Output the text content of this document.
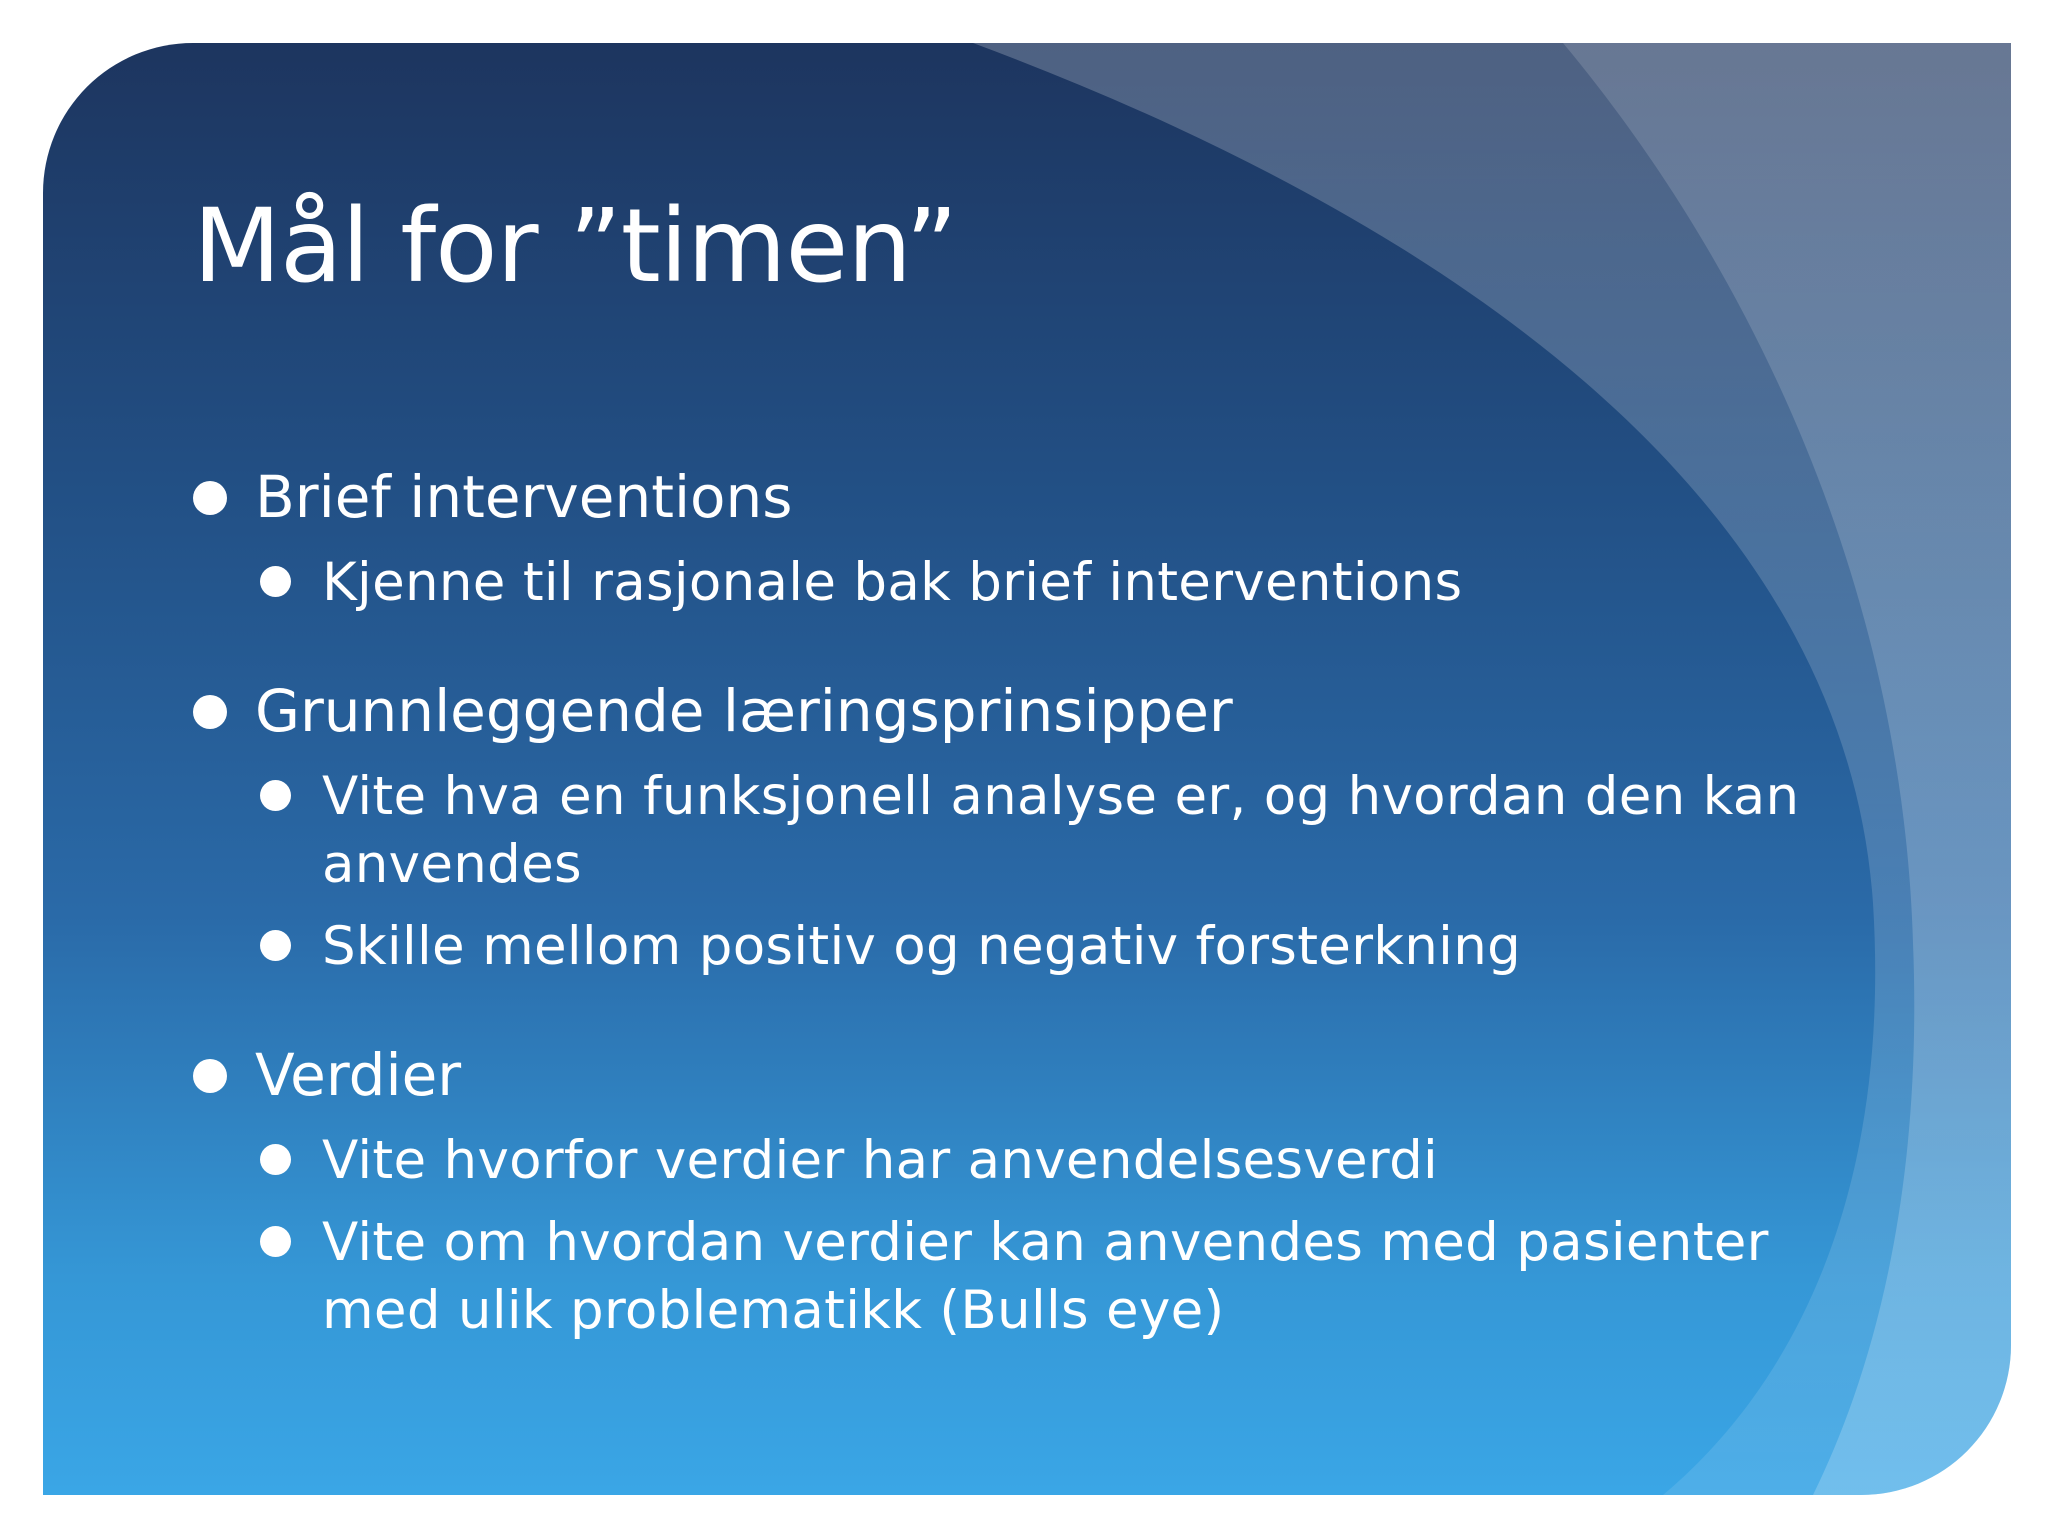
Mål for ”timen”
Brief interventions
Kjenne til rasjonale bak brief interventions
Grunnleggende læringsprinsipper
Vite hva en funksjonell analyse er, og hvordan den kan anvendes
Skille mellom positiv og negativ forsterkning
Verdier
Vite hvorfor verdier har anvendelsesverdi
Vite om hvordan verdier kan anvendes med pasienter med ulik problematikk (Bulls eye)
